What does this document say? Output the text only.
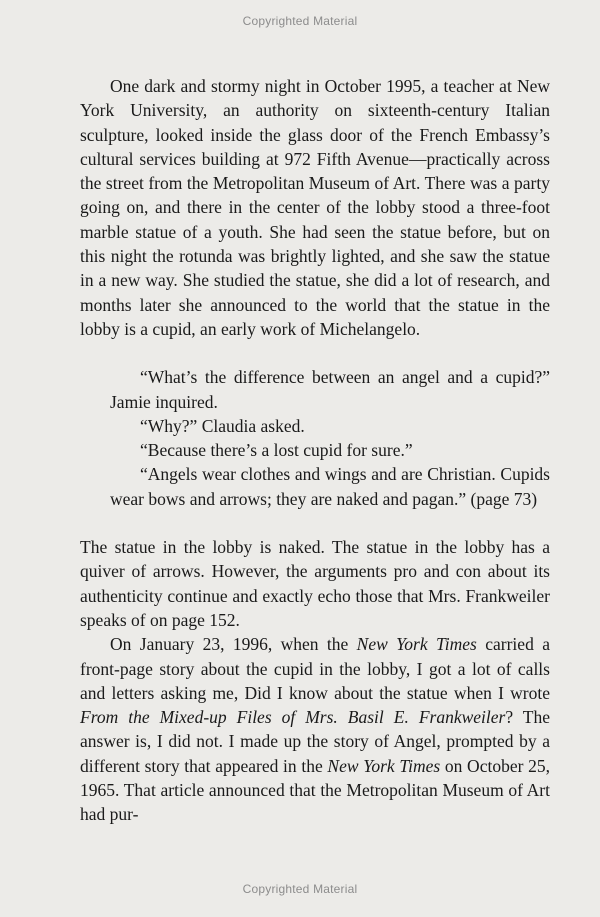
Copyrighted Material

One dark and stormy night in October 1995, a teacher at New York University, an authority on sixteenth-century Italian sculpture, looked inside the glass door of the French Embassy’s cultural services building at 972 Fifth Avenue—practically across the street from the Metropolitan Museum of Art. There was a party going on, and there in the center of the lobby stood a three-foot marble statue of a youth. She had seen the statue before, but on this night the rotunda was brightly lighted, and she saw the statue in a new way. She studied the statue, she did a lot of research, and months later she announced to the world that the statue in the lobby is a cupid, an early work of Michelangelo.

“What’s the difference between an angel and a cupid?” Jamie inquired.

“Why?” Claudia asked.

“Because there’s a lost cupid for sure.”

“Angels wear clothes and wings and are Christian. Cupids wear bows and arrows; they are naked and pagan.” (page 73)

The statue in the lobby is naked. The statue in the lobby has a quiver of arrows. However, the arguments pro and con about its authenticity continue and exactly echo those that Mrs. Frankweiler speaks of on page 152.

On January 23, 1996, when the New York Times carried a front-page story about the cupid in the lobby, I got a lot of calls and letters asking me, Did I know about the statue when I wrote From the Mixed-up Files of Mrs. Basil E. Frankweiler? The answer is, I did not. I made up the story of Angel, prompted by a different story that appeared in the New York Times on October 25, 1965. That article announced that the Metropolitan Museum of Art had pur-

Copyrighted Material
